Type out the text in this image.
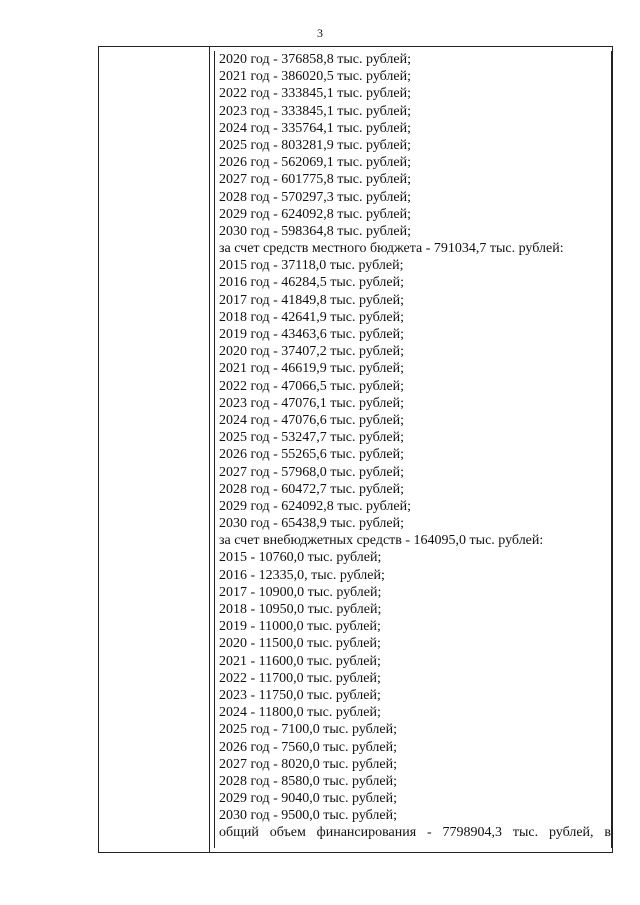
3
2020 год - 376858,8 тыс. рублей;
2021 год - 386020,5 тыс. рублей;
2022 год - 333845,1 тыс. рублей;
2023 год - 333845,1 тыс. рублей;
2024 год - 335764,1 тыс. рублей;
2025 год - 803281,9 тыс. рублей;
2026 год - 562069,1 тыс. рублей;
2027 год - 601775,8 тыс. рублей;
2028 год - 570297,3 тыс. рублей;
2029 год - 624092,8 тыс. рублей;
2030 год - 598364,8 тыс. рублей;
за счет средств местного бюджета - 791034,7 тыс. рублей:
2015 год - 37118,0 тыс. рублей;
2016 год - 46284,5 тыс. рублей;
2017 год - 41849,8 тыс. рублей;
2018 год - 42641,9 тыс. рублей;
2019 год - 43463,6 тыс. рублей;
2020 год - 37407,2 тыс. рублей;
2021 год - 46619,9 тыс. рублей;
2022 год - 47066,5 тыс. рублей;
2023 год - 47076,1 тыс. рублей;
2024 год - 47076,6 тыс. рублей;
2025 год - 53247,7 тыс. рублей;
2026 год - 55265,6 тыс. рублей;
2027 год - 57968,0 тыс. рублей;
2028 год - 60472,7 тыс. рублей;
2029 год - 624092,8 тыс. рублей;
2030 год - 65438,9 тыс. рублей;
за счет внебюджетных средств - 164095,0 тыс. рублей:
2015 - 10760,0 тыс. рублей;
2016 - 12335,0, тыс. рублей;
2017 - 10900,0 тыс. рублей;
2018 - 10950,0 тыс. рублей;
2019 - 11000,0 тыс. рублей;
2020 - 11500,0 тыс. рублей;
2021 - 11600,0 тыс. рублей;
2022 - 11700,0 тыс. рублей;
2023 - 11750,0 тыс. рублей;
2024 - 11800,0 тыс. рублей;
2025 год - 7100,0 тыс. рублей;
2026 год - 7560,0 тыс. рублей;
2027 год - 8020,0 тыс. рублей;
2028 год - 8580,0 тыс. рублей;
2029 год - 9040,0 тыс. рублей;
2030 год - 9500,0 тыс. рублей;
общий объем финансирования - 7798904,3 тыс. рублей, в
